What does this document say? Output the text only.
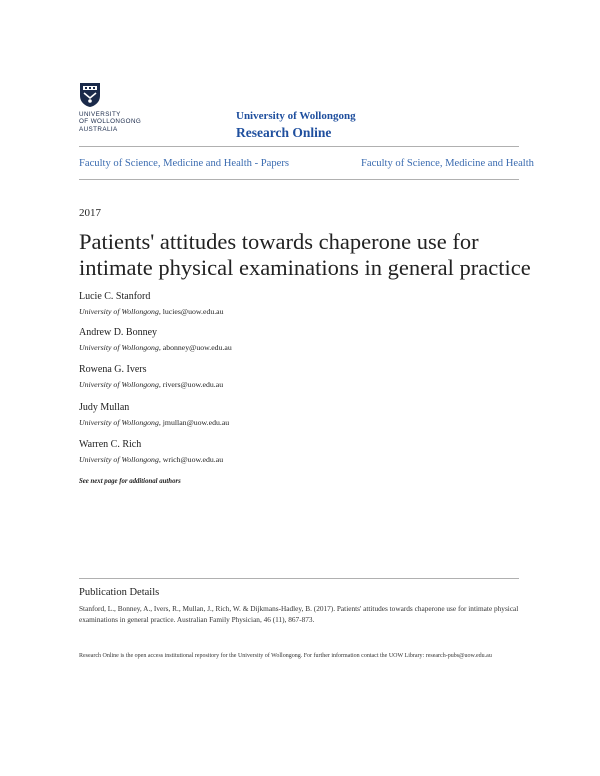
UNIVERSITY
OF WOLLONGONG
AUSTRALIA
University of Wollongong
Research Online
Faculty of Science, Medicine and Health - Papers	Faculty of Science, Medicine and Health
2017
Patients' attitudes towards chaperone use for intimate physical examinations in general practice
Lucie C. Stanford
University of Wollongong, lucies@uow.edu.au
Andrew D. Bonney
University of Wollongong, abonney@uow.edu.au
Rowena G. Ivers
University of Wollongong, rivers@uow.edu.au
Judy Mullan
University of Wollongong, jmullan@uow.edu.au
Warren C. Rich
University of Wollongong, wrich@uow.edu.au
See next page for additional authors
Publication Details
Stanford, L., Bonney, A., Ivers, R., Mullan, J., Rich, W. & Dijkmans-Hadley, B. (2017). Patients' attitudes towards chaperone use for intimate physical examinations in general practice. Australian Family Physician, 46 (11), 867-873.
Research Online is the open access institutional repository for the University of Wollongong. For further information contact the UOW Library: research-pubs@uow.edu.au
